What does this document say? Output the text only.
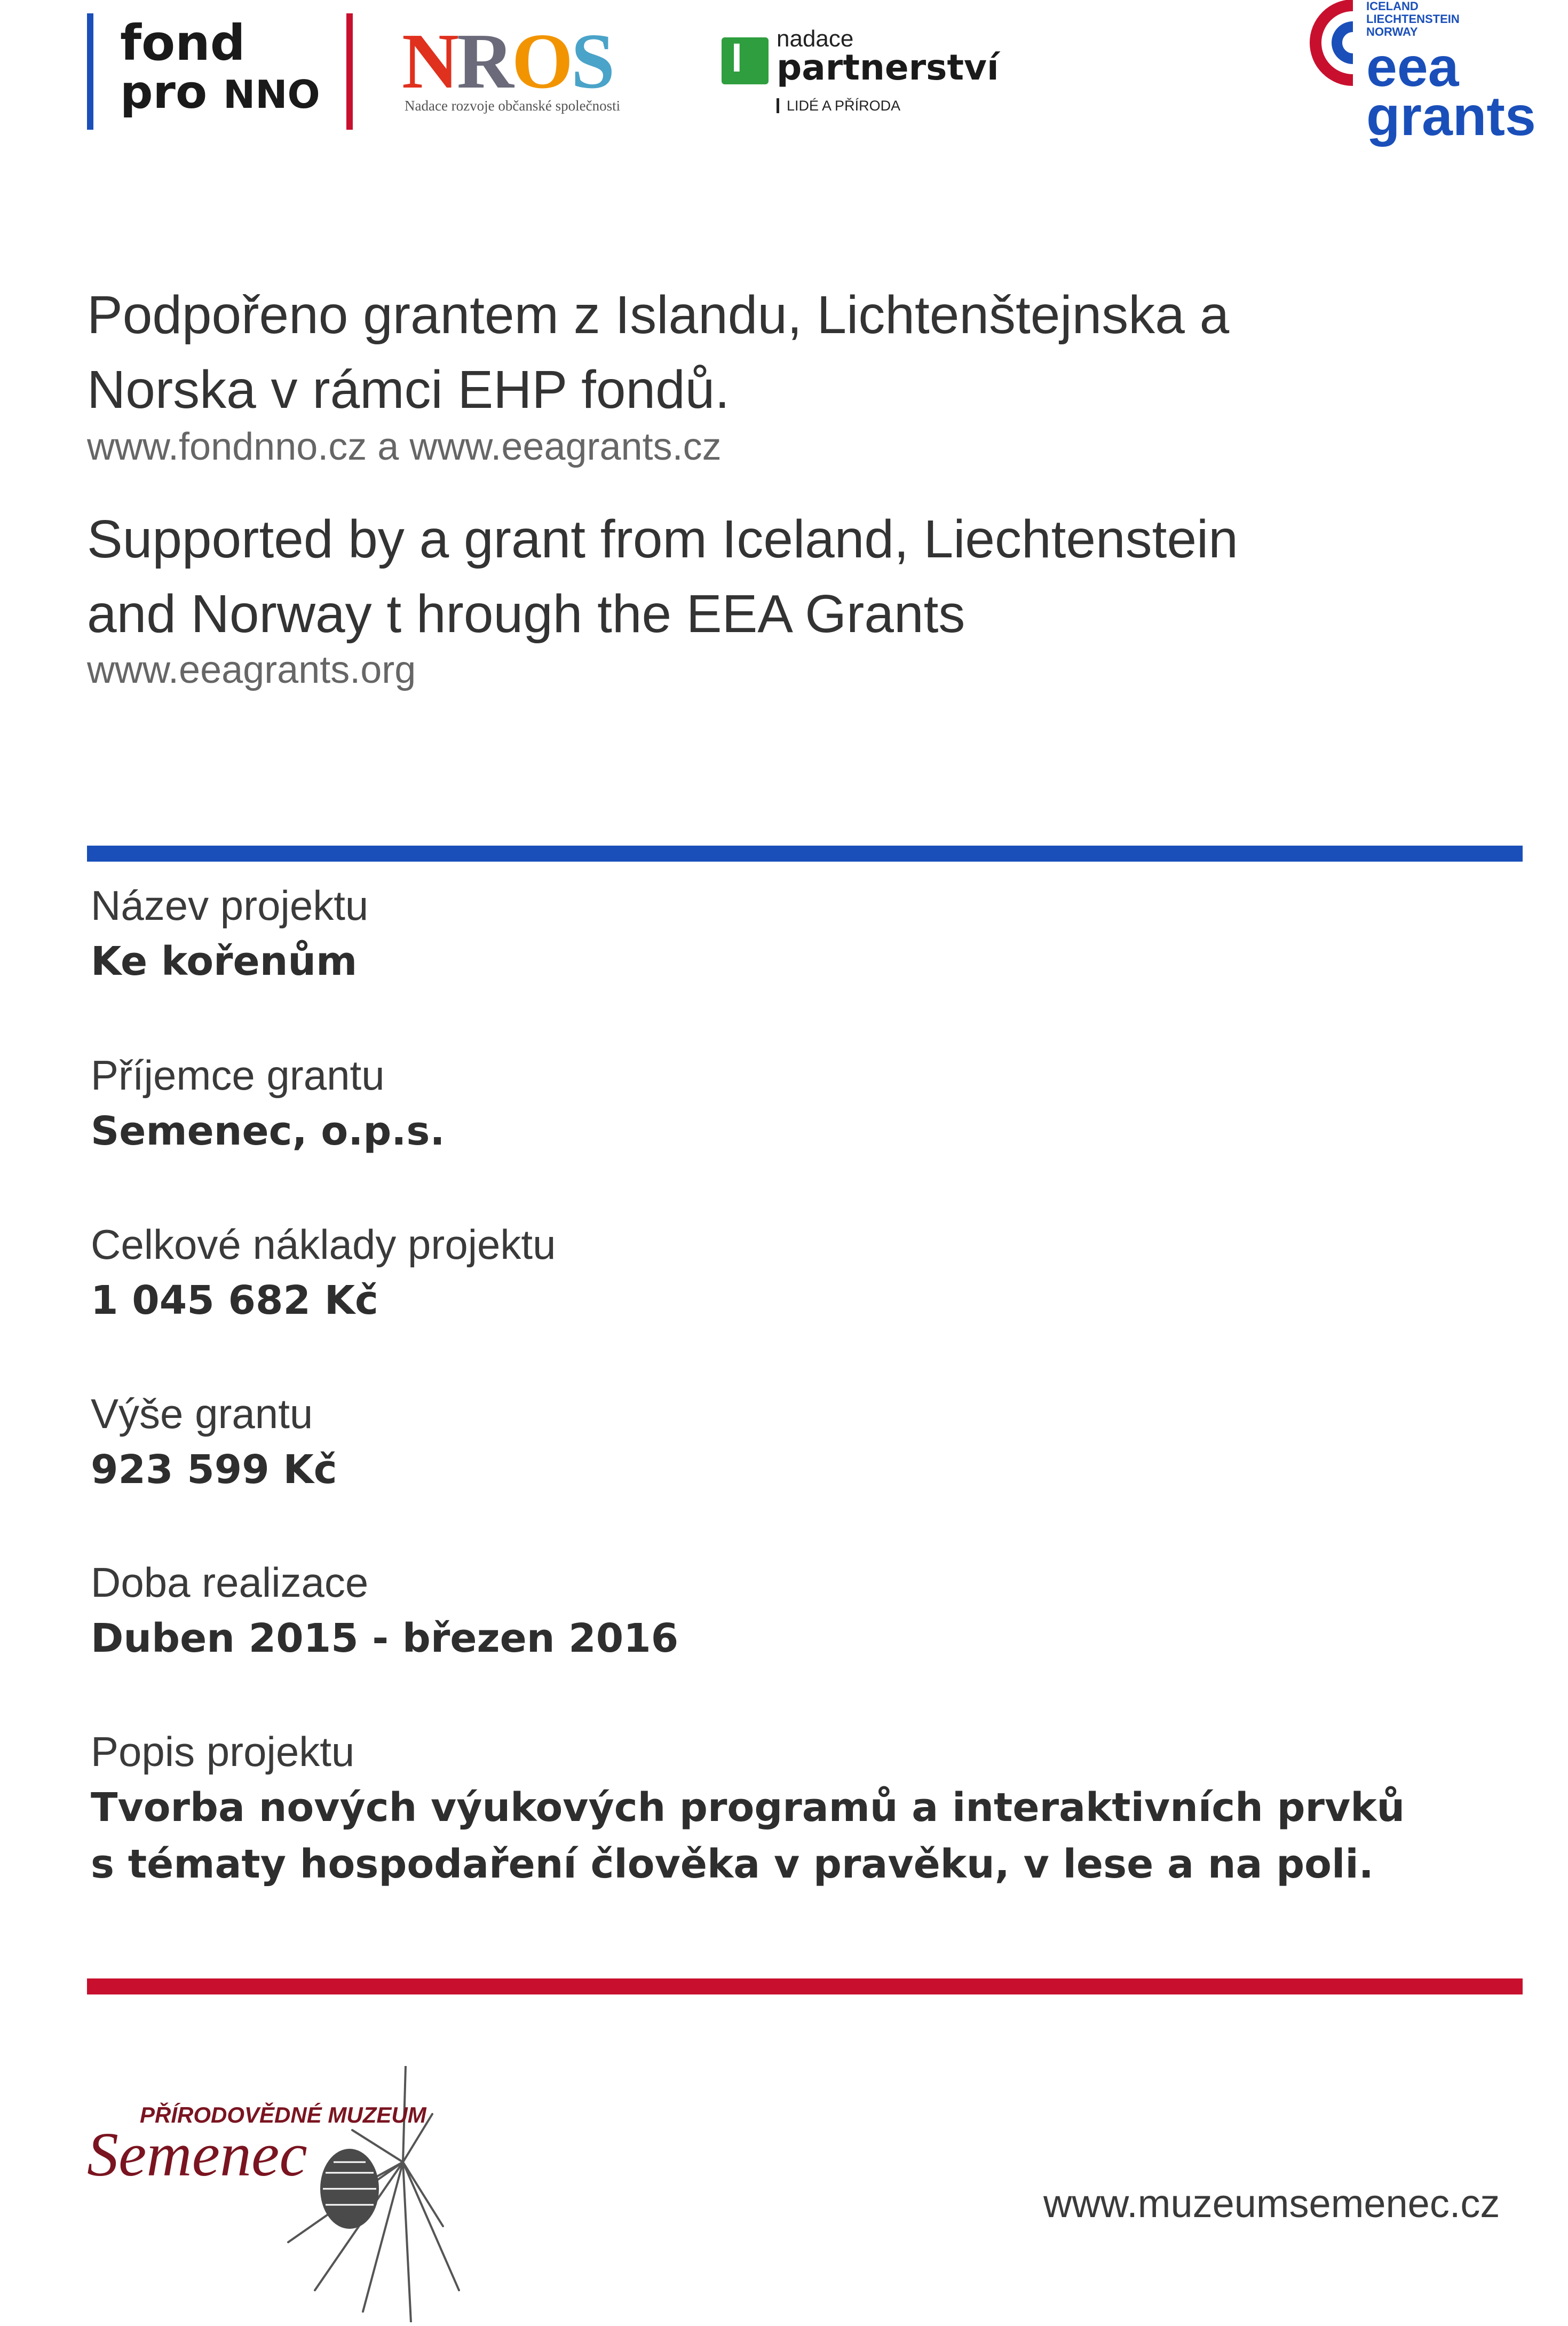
fond
pro NNO NROS
Nadace rozvoje občanské společnosti
ꟾ
nadace
partnerství
LIDÉ A PŘÍRODA
ICELAND
LIECHTENSTEIN
NORWAY
eea
grants
Podpořeno grantem z Islandu, Lichtenštejnska a
Norska v rámci EHP fondů.
www.fondnno.cz a www.eeagrants.cz
Supported by a grant from Iceland, Liechtenstein
and Norway t hrough the EEA Grants
www.eeagrants.org
Název projektu
Ke kořenům
Příjemce grantu
Semenec, o.p.s.
Celkové náklady projektu
1 045 682 Kč
Výše grantu
923 599 Kč
Doba realizace
Duben 2015 - březen 2016
Popis projektu
Tvorba nových výukových programů a interaktivních prvků
s tématy hospodaření člověka v pravěku, v lese a na poli.
PŘÍRODOVĚDNÉ MUZEUM
Semenec
www.muzeumsemenec.cz
